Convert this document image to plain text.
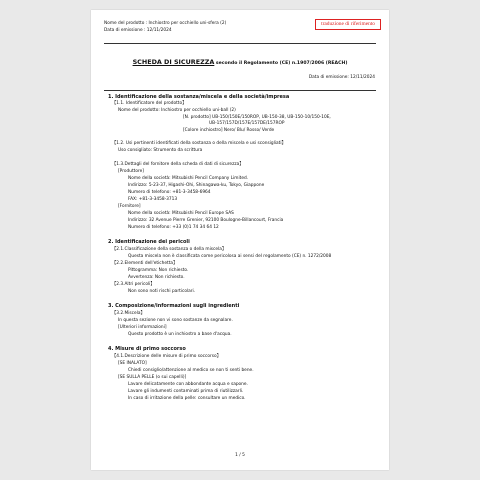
Nome del prodotto : Inchiostro per occhiello uni-sfera (2)
Data di emissione : 12/11/2024
traduzione di riferimento
SCHEDA DI SICUREZZA secondo il Regolamento (CE) n.1907/2006 (REACH)
Data di emissione: 12/11/2024
1. Identificazione della sostanza/miscela e della società/impresa
【1.1. Identificatore del prodotto】
Nome del prodotto: Inchiostro per occhiello uni-ball (2)
[N. prodotto] UB-150/150E/150ROP, UB-150-38, UB-150-10/150-10E,
UB-157/157D/157E/157DE/157ROP
[Colore inchiostro] Nero/ Blu/ Rosso/ Verde
【1.2. Usi pertinenti identificati della sostanza o della miscela e usi sconsigliati】
Uso consigliato: Strumento da scrittura
【1.3.Dettagli del fornitore della scheda di dati di sicurezza】
[Produttore]
Nome della società: Mitsubishi Pencil Company Limited.
Indirizzo: 5-23-37, Higashi-Ohi, Shinagawa-ku, Tokyo, Giappone
Numero di telefono: +81-3-3458-6964
FAX: +81-3-3458-3713
[Fornitore]
Nome della società: Mitsubishi Pencil Europe SAS
Indirizzo: 32 Avenue Pierre Grenier, 92100 Boulogne-Billancourt, Francia
Numero di telefono: +33 (0)1 74 34 64 12
2. Identificazione dei pericoli
【2.1.Classificazione della sostanza o della miscela】
Questa miscela non è classificata come pericolosa ai sensi del regolamento (CE) n. 1272/2008
【2.2.Elementi dell'etichetta】
Pittogramma: Non richiesto.
Avvertenza: Non richiesto.
【2.3.Altri pericoli】
Non sono noti rischi particolari.
3. Composizione/informazioni sugli ingredienti
【3.2.Miscela】
In questa sezione non vi sono sostanze da segnalare.
[Ulteriori informazioni]
Questo prodotto è un inchiostro a base d'acqua.
4. Misure di primo soccorso
【4.1.Descrizione delle misure di primo soccorso】
[SE INALATO]
Chiedi consiglio/attenzione al medico se non ti senti bene.
[SE SULLA PELLE (o sui capelli)]
Lavare delicatamente con abbondante acqua e sapone.
Lavare gli indumenti contaminati prima di riutilizzarli.
In caso di irritazione della pelle: consultare un medico.
1 / 5
